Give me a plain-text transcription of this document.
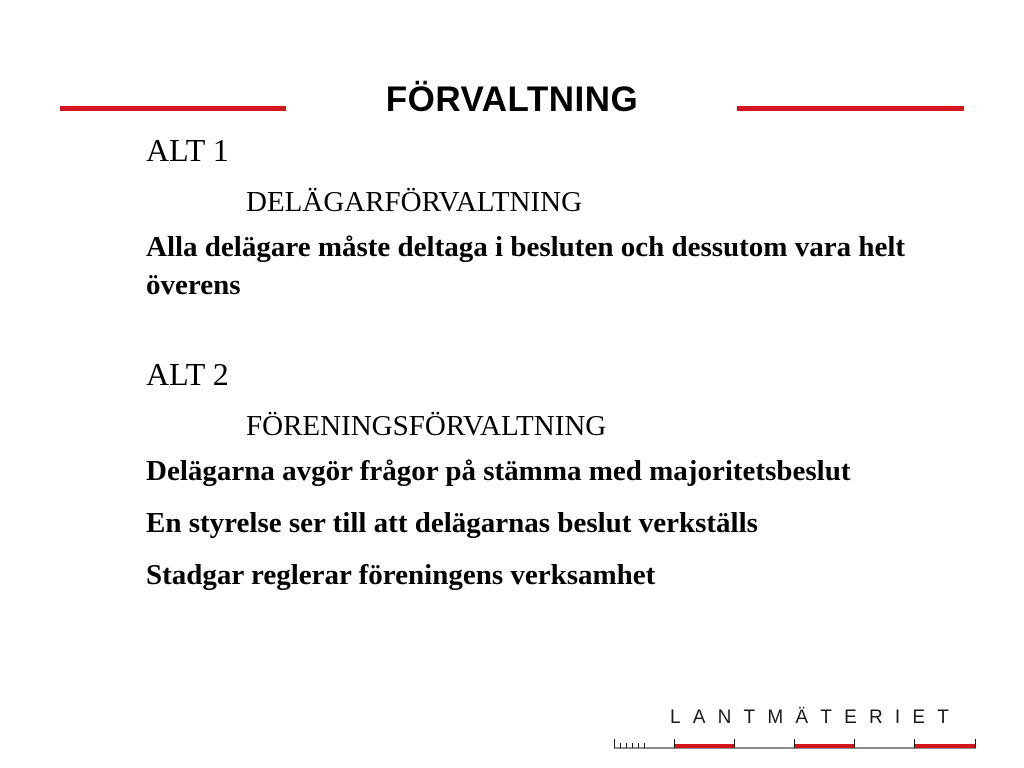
FÖRVALTNING
ALT 1
DELÄGARFÖRVALTNING
Alla delägare måste deltaga i besluten och dessutom vara helt överens
ALT 2
FÖRENINGSFÖRVALTNING
Delägarna avgör frågor på stämma med majoritetsbeslut
En styrelse ser till att delägarnas beslut verkställs
Stadgar reglerar föreningens verksamhet
LANTMÄTERIET
